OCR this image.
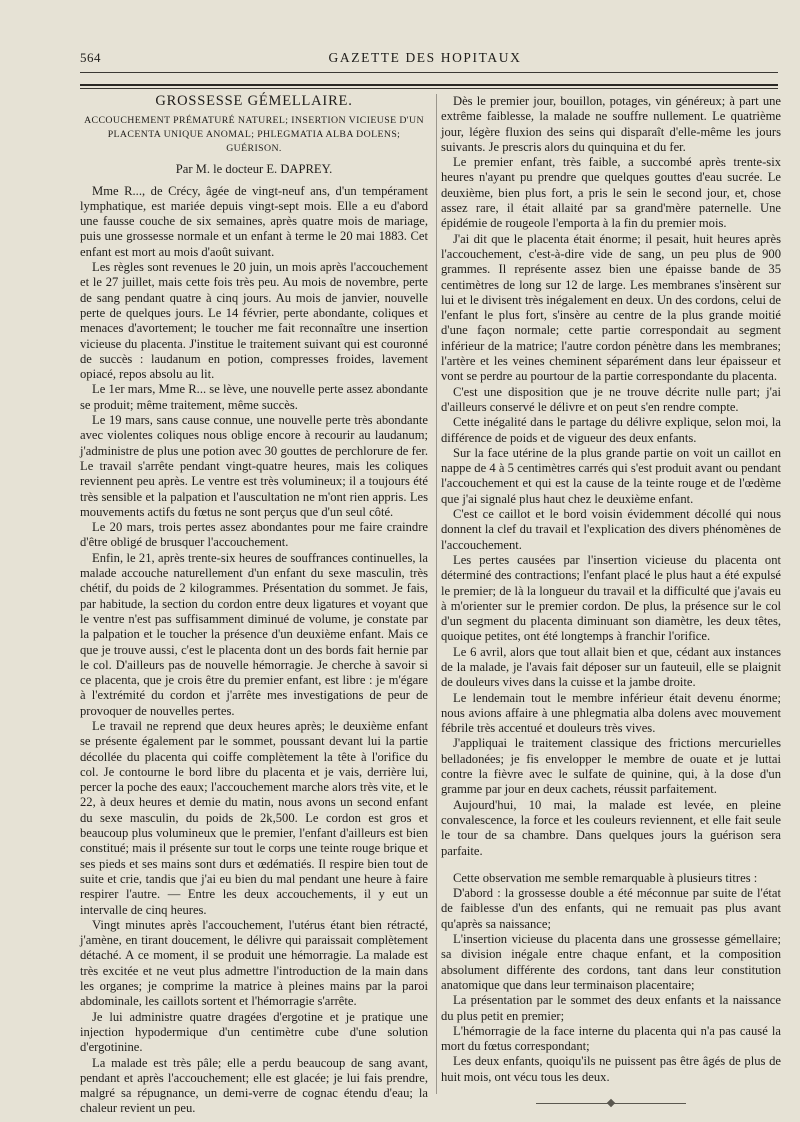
564	GAZETTE DES HOPITAUX
GROSSESSE GÉMELLAIRE.
ACCOUCHEMENT PRÉMATURÉ NATUREL; INSERTION VICIEUSE D'UN PLACENTA UNIQUE ANOMAL; PHLEGMATIA ALBA DOLENS; GUÉRISON.
Par M. le docteur E. DAPREY.

Mme R..., de Crécy, âgée de vingt-neuf ans, d'un tempérament lymphatique, est mariée depuis vingt-sept mois. Elle a eu d'abord une fausse couche de six semaines, après quatre mois de mariage, puis une grossesse normale et un enfant à terme le 20 mai 1883. Cet enfant est mort au mois d'août suivant.

Les règles sont revenues le 20 juin, un mois après l'accouchement et le 27 juillet, mais cette fois très peu. Au mois de novembre, perte de sang pendant quatre à cinq jours. Au mois de janvier, nouvelle perte de quelques jours. Le 14 février, perte abondante, coliques et menaces d'avortement; le toucher me fait reconnaître une insertion vicieuse du placenta. J'institue le traitement suivant qui est couronné de succès : laudanum en potion, compresses froides, lavement opiacé, repos absolu au lit.

Le 1er mars, Mme R... se lève, une nouvelle perte assez abondante se produit; même traitement, même succès.

Le 19 mars, sans cause connue, une nouvelle perte très abondante avec violentes coliques nous oblige encore à recourir au laudanum; j'administre de plus une potion avec 30 gouttes de perchlorure de fer. Le travail s'arrête pendant vingt-quatre heures, mais les coliques reviennent peu après. Le ventre est très volumineux; il a toujours été très sensible et la palpation et l'auscultation ne m'ont rien appris. Les mouvements actifs du fœtus ne sont perçus que d'un seul côté.

Le 20 mars, trois pertes assez abondantes pour me faire craindre d'être obligé de brusquer l'accouchement.

Enfin, le 21, après trente-six heures de souffrances continuelles, la malade accouche naturellement d'un enfant du sexe masculin, très chétif, du poids de 2 kilogrammes. Présentation du sommet. Je fais, par habitude, la section du cordon entre deux ligatures et voyant que le ventre n'est pas suffisamment diminué de volume, je constate par la palpation et le toucher la présence d'un deuxième enfant. Mais ce que je trouve aussi, c'est le placenta dont un des bords fait hernie par le col. D'ailleurs pas de nouvelle hémorragie. Je cherche à savoir si ce placenta, que je crois être du premier enfant, est libre : je m'égare à l'extrémité du cordon et j'arrête mes investigations de peur de provoquer de nouvelles pertes.

Le travail ne reprend que deux heures après; le deuxième enfant se présente également par le sommet, poussant devant lui la partie décollée du placenta qui coiffe complètement la tête à l'orifice du col. Je contourne le bord libre du placenta et je vais, derrière lui, percer la poche des eaux; l'accouchement marche alors très vite, et le 22, à deux heures et demie du matin, nous avons un second enfant du sexe masculin, du poids de 2k,500. Le cordon est gros et beaucoup plus volumineux que le premier, l'enfant d'ailleurs est bien constitué; mais il présente sur tout le corps une teinte rouge brique et ses pieds et ses mains sont durs et œdématiés. Il respire bien tout de suite et crie, tandis que j'ai eu bien du mal pendant une heure à faire respirer l'autre. — Entre les deux accouchements, il y eut un intervalle de cinq heures.

Vingt minutes après l'accouchement, l'utérus étant bien rétracté, j'amène, en tirant doucement, le délivre qui paraissait complètement détaché. A ce moment, il se produit une hémorragie. La malade est très excitée et ne veut plus admettre l'introduction de la main dans les organes; je comprime la matrice à pleines mains par la paroi abdominale, les caillots sortent et l'hémorragie s'arrête.

Je lui administre quatre dragées d'ergotine et je pratique une injection hypodermique d'un centimètre cube d'une solution d'ergotinine.

La malade est très pâle; elle a perdu beaucoup de sang avant, pendant et après l'accouchement; elle est glacée; je lui fais prendre, malgré sa répugnance, un demi-verre de cognac étendu d'eau; la chaleur revient un peu.

Dès le premier jour, bouillon, potages, vin généreux; à part une extrême faiblesse, la malade ne souffre nullement. Le quatrième jour, légère fluxion des seins qui disparaît d'elle-même les jours suivants. Je prescris alors du quinquina et du fer.

Le premier enfant, très faible, a succombé après trente-six heures n'ayant pu prendre que quelques gouttes d'eau sucrée. Le deuxième, bien plus fort, a pris le sein le second jour, et, chose assez rare, il était allaité par sa grand'mère paternelle. Une épidémie de rougeole l'emporta à la fin du premier mois.

J'ai dit que le placenta était énorme; il pesait, huit heures après l'accouchement, c'est-à-dire vide de sang, un peu plus de 900 grammes. Il représente assez bien une épaisse bande de 35 centimètres de long sur 12 de large. Les membranes s'insèrent sur lui et le divisent très inégalement en deux. Un des cordons, celui de l'enfant le plus fort, s'insère au centre de la plus grande moitié d'une façon normale; cette partie correspondait au segment inférieur de la matrice; l'autre cordon pénètre dans les membranes; l'artère et les veines cheminent séparément dans leur épaisseur et vont se perdre au pourtour de la partie correspondante du placenta.

C'est une disposition que je ne trouve décrite nulle part; j'ai d'ailleurs conservé le délivre et on peut s'en rendre compte.

Cette inégalité dans le partage du délivre explique, selon moi, la différence de poids et de vigueur des deux enfants.

Sur la face utérine de la plus grande partie on voit un caillot en nappe de 4 à 5 centimètres carrés qui s'est produit avant ou pendant l'accouchement et qui est la cause de la teinte rouge et de l'œdème que j'ai signalé plus haut chez le deuxième enfant.

C'est ce caillot et le bord voisin évidemment décollé qui nous donnent la clef du travail et l'explication des divers phénomènes de l'accouchement.

Les pertes causées par l'insertion vicieuse du placenta ont déterminé des contractions; l'enfant placé le plus haut a été expulsé le premier; de là la longueur du travail et la difficulté que j'avais eu à m'orienter sur le premier cordon. De plus, la présence sur le col d'un segment du placenta diminuant son diamètre, les deux têtes, quoique petites, ont été longtemps à franchir l'orifice.

Le 6 avril, alors que tout allait bien et que, cédant aux instances de la malade, je l'avais fait déposer sur un fauteuil, elle se plaignit de douleurs vives dans la cuisse et la jambe droite.

Le lendemain tout le membre inférieur était devenu énorme; nous avions affaire à une phlegmatia alba dolens avec mouvement fébrile très accentué et douleurs très vives.

J'appliquai le traitement classique des frictions mercurielles belladonées; je fis envelopper le membre de ouate et je luttai contre la fièvre avec le sulfate de quinine, qui, à la dose d'un gramme par jour en deux cachets, réussit parfaitement.

Aujourd'hui, 10 mai, la malade est levée, en pleine convalescence, la force et les couleurs reviennent, et elle fait seule le tour de sa chambre. Dans quelques jours la guérison sera parfaite.

Cette observation me semble remarquable à plusieurs titres :

D'abord : la grossesse double a été méconnue par suite de l'état de faiblesse d'un des enfants, qui ne remuait pas plus avant qu'après sa naissance;

L'insertion vicieuse du placenta dans une grossesse gémellaire; sa division inégale entre chaque enfant, et la composition absolument différente des cordons, tant dans leur constitution anatomique que dans leur terminaison placentaire;

La présentation par le sommet des deux enfants et la naissance du plus petit en premier;

L'hémorragie de la face interne du placenta qui n'a pas causé la mort du fœtus correspondant;

Les deux enfants, quoiqu'ils ne puissent pas être âgés de plus de huit mois, ont vécu tous les deux.
